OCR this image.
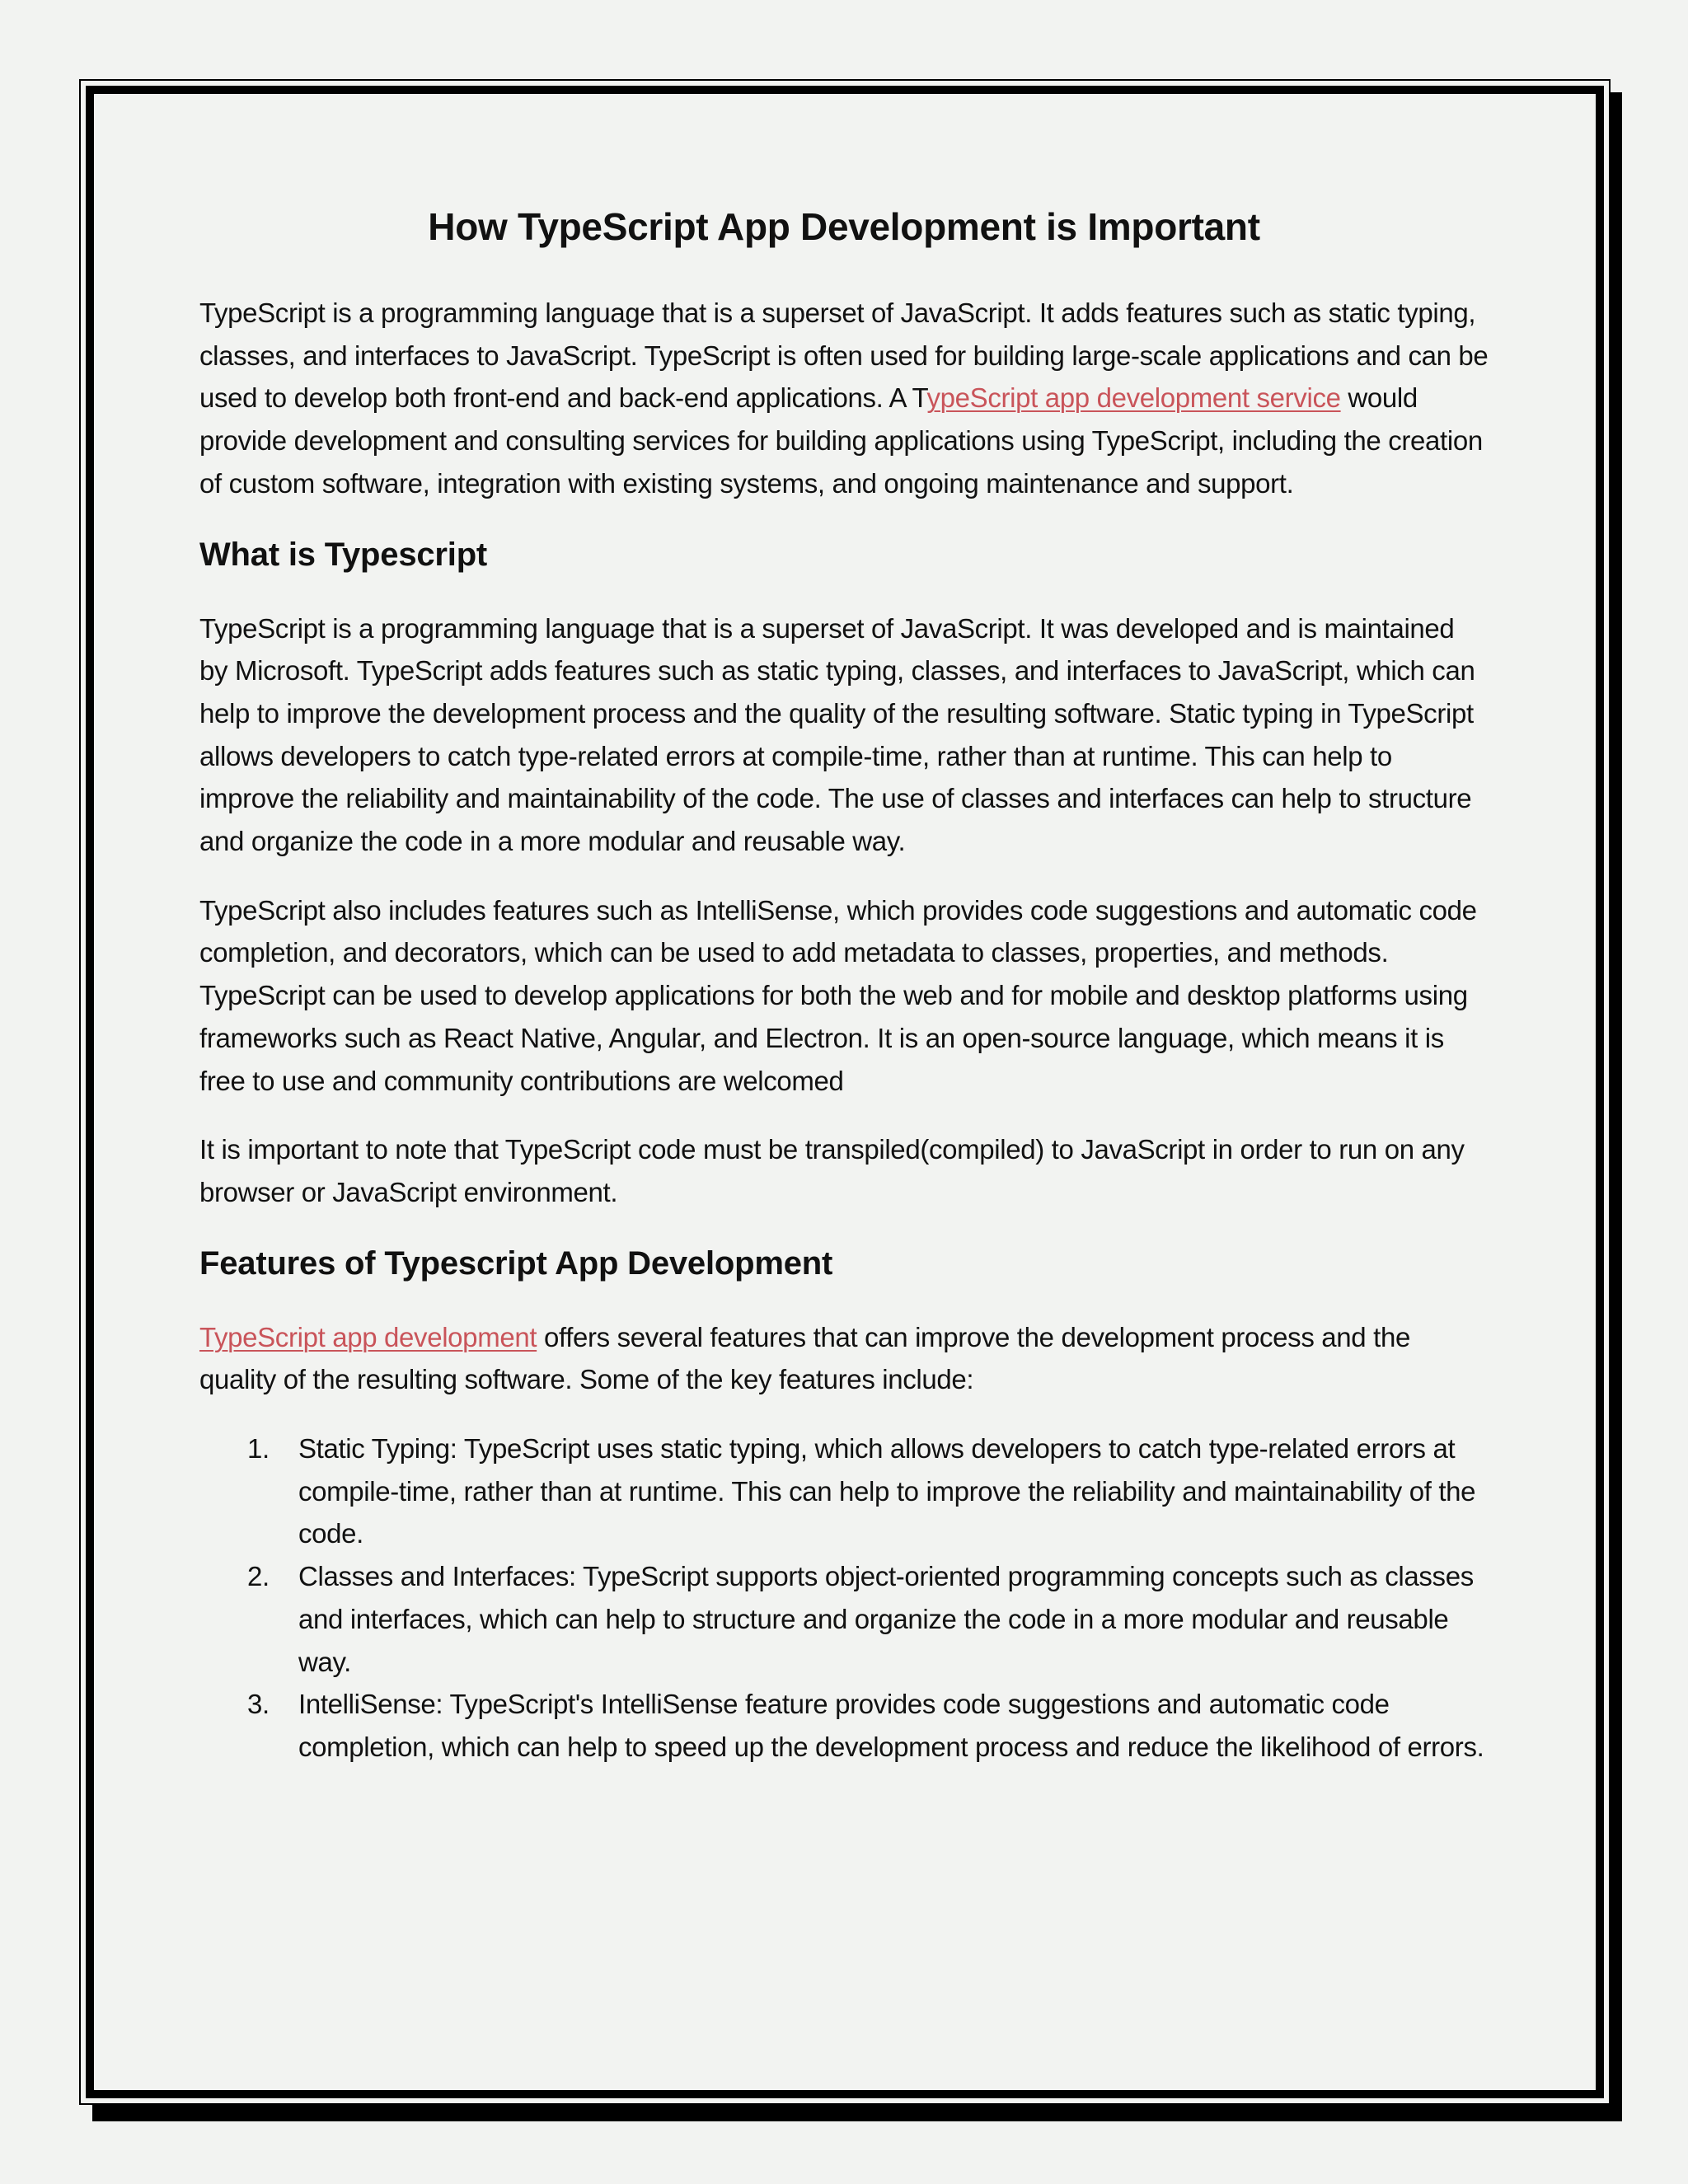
How TypeScript App Development is Important

TypeScript is a programming language that is a superset of JavaScript. It adds features such as static typing, classes, and interfaces to JavaScript. TypeScript is often used for building large-scale applications and can be used to develop both front-end and back-end applications. A TypeScript app development service would provide development and consulting services for building applications using TypeScript, including the creation of custom software, integration with existing systems, and ongoing maintenance and support.

What is Typescript

TypeScript is a programming language that is a superset of JavaScript. It was developed and is maintained by Microsoft. TypeScript adds features such as static typing, classes, and interfaces to JavaScript, which can help to improve the development process and the quality of the resulting software. Static typing in TypeScript allows developers to catch type-related errors at compile-time, rather than at runtime. This can help to improve the reliability and maintainability of the code. The use of classes and interfaces can help to structure and organize the code in a more modular and reusable way.

TypeScript also includes features such as IntelliSense, which provides code suggestions and automatic code completion, and decorators, which can be used to add metadata to classes, properties, and methods. TypeScript can be used to develop applications for both the web and for mobile and desktop platforms using frameworks such as React Native, Angular, and Electron. It is an open-source language, which means it is free to use and community contributions are welcomed

It is important to note that TypeScript code must be transpiled(compiled) to JavaScript in order to run on any browser or JavaScript environment.

Features of Typescript App Development

TypeScript app development offers several features that can improve the development process and the quality of the resulting software. Some of the key features include:

1. Static Typing: TypeScript uses static typing, which allows developers to catch type-related errors at compile-time, rather than at runtime. This can help to improve the reliability and maintainability of the code.
2. Classes and Interfaces: TypeScript supports object-oriented programming concepts such as classes and interfaces, which can help to structure and organize the code in a more modular and reusable way.
3. IntelliSense: TypeScript's IntelliSense feature provides code suggestions and automatic code completion, which can help to speed up the development process and reduce the likelihood of errors.
